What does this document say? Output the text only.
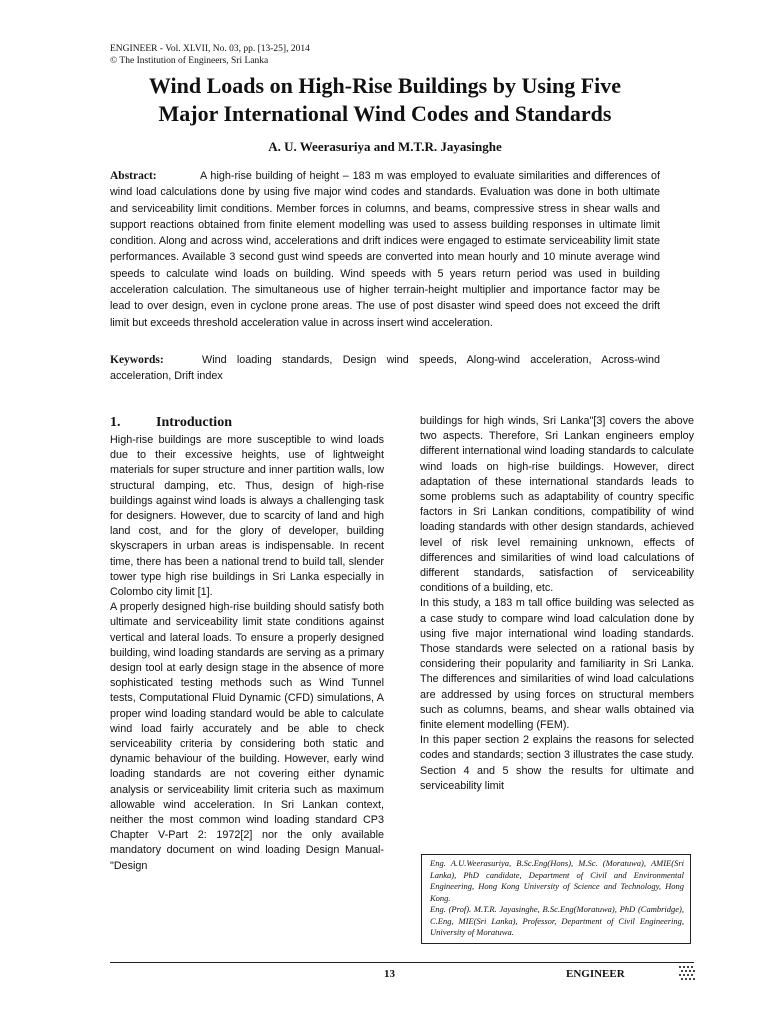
ENGINEER - Vol. XLVII, No. 03, pp. [13-25], 2014
© The Institution of Engineers, Sri Lanka
Wind Loads on High-Rise Buildings by Using Five
Major International Wind Codes and Standards
A. U. Weerasuriya and M.T.R. Jayasinghe
Abstract:	A high-rise building of height – 183 m was employed to evaluate similarities and differences of wind load calculations done by using five major wind codes and standards. Evaluation was done in both ultimate and serviceability limit conditions. Member forces in columns, and beams, compressive stress in shear walls and support reactions obtained from finite element modelling was used to assess building responses in ultimate limit condition. Along and across wind, accelerations and drift indices were engaged to estimate serviceability limit state performances. Available 3 second gust wind speeds are converted into mean hourly and 10 minute average wind speeds to calculate wind loads on building. Wind speeds with 5 years return period was used in building acceleration calculation. The simultaneous use of higher terrain-height multiplier and importance factor may be lead to over design, even in cyclone prone areas. The use of post disaster wind speed does not exceed the drift limit but exceeds threshold acceleration value in across insert wind acceleration.
Keywords:	Wind loading standards, Design wind speeds, Along-wind acceleration, Across-wind acceleration, Drift index
1.	Introduction

High-rise buildings are more susceptible to wind loads due to their excessive heights, use of lightweight materials for super structure and inner partition walls, low structural damping, etc. Thus, design of high-rise buildings against wind loads is always a challenging task for designers. However, due to scarcity of land and high land cost, and for the glory of developer, building skyscrapers in urban areas is indispensable. In recent time, there has been a national trend to build tall, slender tower type high rise buildings in Sri Lanka especially in Colombo city limit [1].

A properly designed high-rise building should satisfy both ultimate and serviceability limit state conditions against vertical and lateral loads. To ensure a properly designed building, wind loading standards are serving as a primary design tool at early design stage in the absence of more sophisticated testing methods such as Wind Tunnel tests, Computational Fluid Dynamic (CFD) simulations, A proper wind loading standard would be able to calculate wind load fairly accurately and be able to check serviceability criteria by considering both static and dynamic behaviour of the building. However, early wind loading standards are not covering either dynamic analysis or serviceability limit criteria such as maximum allowable wind acceleration. In Sri Lankan context, neither the most common wind loading standard CP3 Chapter V-Part 2: 1972[2] nor the only available mandatory document on wind loading Design Manual-"Design

buildings for high winds, Sri Lanka"[3] covers the above two aspects. Therefore, Sri Lankan engineers employ different international wind loading standards to calculate wind loads on high-rise buildings. However, direct adaptation of these international standards leads to some problems such as adaptability of country specific factors in Sri Lankan conditions, compatibility of wind loading standards with other design standards, achieved level of risk level remaining unknown, effects of differences and similarities of wind load calculations of different standards, satisfaction of serviceability conditions of a building, etc.

In this study, a 183 m tall office building was selected as a case study to compare wind load calculation done by using five major international wind loading standards. Those standards were selected on a rational basis by considering their popularity and familiarity in Sri Lanka. The differences and similarities of wind load calculations are addressed by using forces on structural members such as columns, beams, and shear walls obtained via finite element modelling (FEM).

In this paper section 2 explains the reasons for selected codes and standards; section 3 illustrates the case study. Section 4 and 5 show the results for ultimate and serviceability limit

Eng. A.U.Weerasuriya, B.Sc.Eng(Hons), M.Sc. (Moratuwa), AMIE(Sri Lanka), PhD candidate, Department of Civil and Environmental Engineering, Hong Kong University of Science and Technology, Hong Kong.

Eng. (Prof). M.T.R. Jayasinghe, B.Sc.Eng(Moratuwa), PhD (Cambridge), C.Eng, MIE(Sri Lanka), Professor, Department of Civil Engineering, University of Moratuwa.

13	ENGINEER
